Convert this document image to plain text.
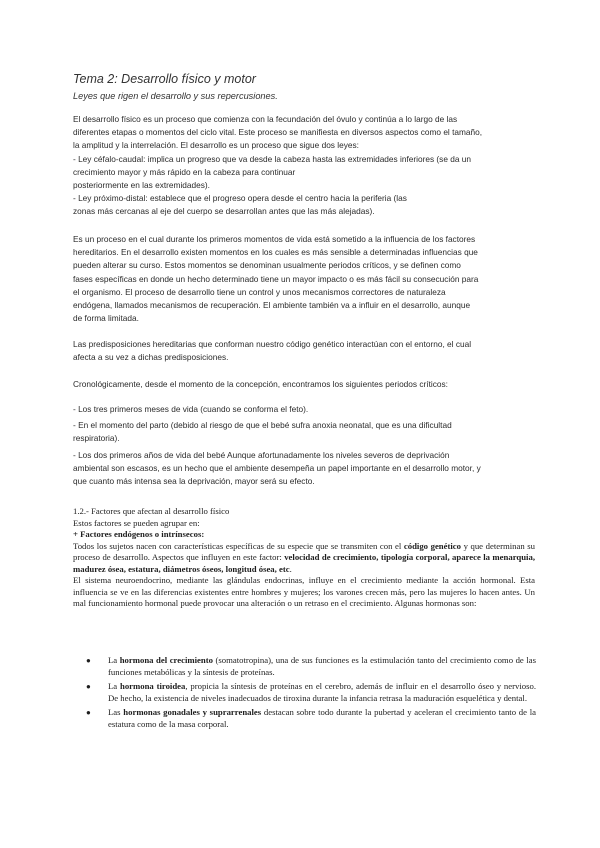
Tema 2: Desarrollo físico y motor
Leyes que rigen el desarrollo y sus repercusiones.

El desarrollo físico es un proceso que comienza con la fecundación del óvulo y continúa a lo largo de las

diferentes etapas o momentos del ciclo vital. Este proceso se manifiesta en diversos aspectos como el tamaño,

la amplitud y la interrelación. El desarrollo es un proceso que sigue dos leyes:

- Ley céfalo-caudal: implica un progreso que va desde la cabeza hasta las extremidades inferiores (se da un

crecimiento mayor y más rápido en la cabeza para continuar

posteriormente en las extremidades).

- Ley próximo-distal: establece que el progreso opera desde el centro hacia la periferia (las

zonas más cercanas al eje del cuerpo se desarrollan antes que las más alejadas).

Es un proceso en el cual durante los primeros momentos de vida está sometido a la influencia de los factores

hereditarios. En el desarrollo existen momentos en los cuales es más sensible a determinadas influencias que

pueden alterar su curso. Estos momentos se denominan usualmente periodos críticos, y se definen como

fases específicas en donde un hecho determinado tiene un mayor impacto o es más fácil su consecución para

el organismo. El proceso de desarrollo tiene un control y unos mecanismos correctores de naturaleza

endógena, llamados mecanismos de recuperación. El ambiente también va a influir en el desarrollo, aunque

de forma limitada.

Las predisposiciones hereditarias que conforman nuestro código genético interactúan con el entorno, el cual

afecta a su vez a dichas predisposiciones.

Cronológicamente, desde el momento de la concepción, encontramos los siguientes periodos críticos:

- Los tres primeros meses de vida (cuando se conforma el feto).

- En el momento del parto (debido al riesgo de que el bebé sufra anoxia neonatal, que es una dificultad

respiratoria).

- Los dos primeros años de vida del bebé Aunque afortunadamente los niveles severos de deprivación

ambiental son escasos, es un hecho que el ambiente desempeña un papel importante en el desarrollo motor, y

que cuanto más intensa sea la deprivación, mayor será su efecto.

1.2.- Factores que afectan al desarrollo físico

Estos factores se pueden agrupar en:

+ Factores endógenos o intrínsecos:

Todos los sujetos nacen con características específicas de su especie que se transmiten con el código genético y que determinan su proceso de desarrollo. Aspectos que influyen en este factor: velocidad de crecimiento, tipología corporal, aparece la menarquia, madurez ósea, estatura, diámetros óseos, longitud ósea, etc.

El sistema neuroendocrino, mediante las glándulas endocrinas, influye en el crecimiento mediante la acción hormonal. Esta influencia se ve en las diferencias existentes entre hombres y mujeres; los varones crecen más, pero las mujeres lo hacen antes. Un mal funcionamiento hormonal puede provocar una alteración o un retraso en el crecimiento. Algunas hormonas son:

● La hormona del crecimiento (somatotropina), una de sus funciones es la estimulación tanto del crecimiento como de las funciones metabólicas y la síntesis de proteínas.
● La hormona tiroidea, propicia la síntesis de proteínas en el cerebro, además de influir en el desarrollo óseo y nervioso. De hecho, la existencia de niveles inadecuados de tiroxina durante la infancia retrasa la maduración esquelética y dental.
● Las hormonas gonadales y suprarrenales destacan sobre todo durante la pubertad y aceleran el crecimiento tanto de la estatura como de la masa corporal.
